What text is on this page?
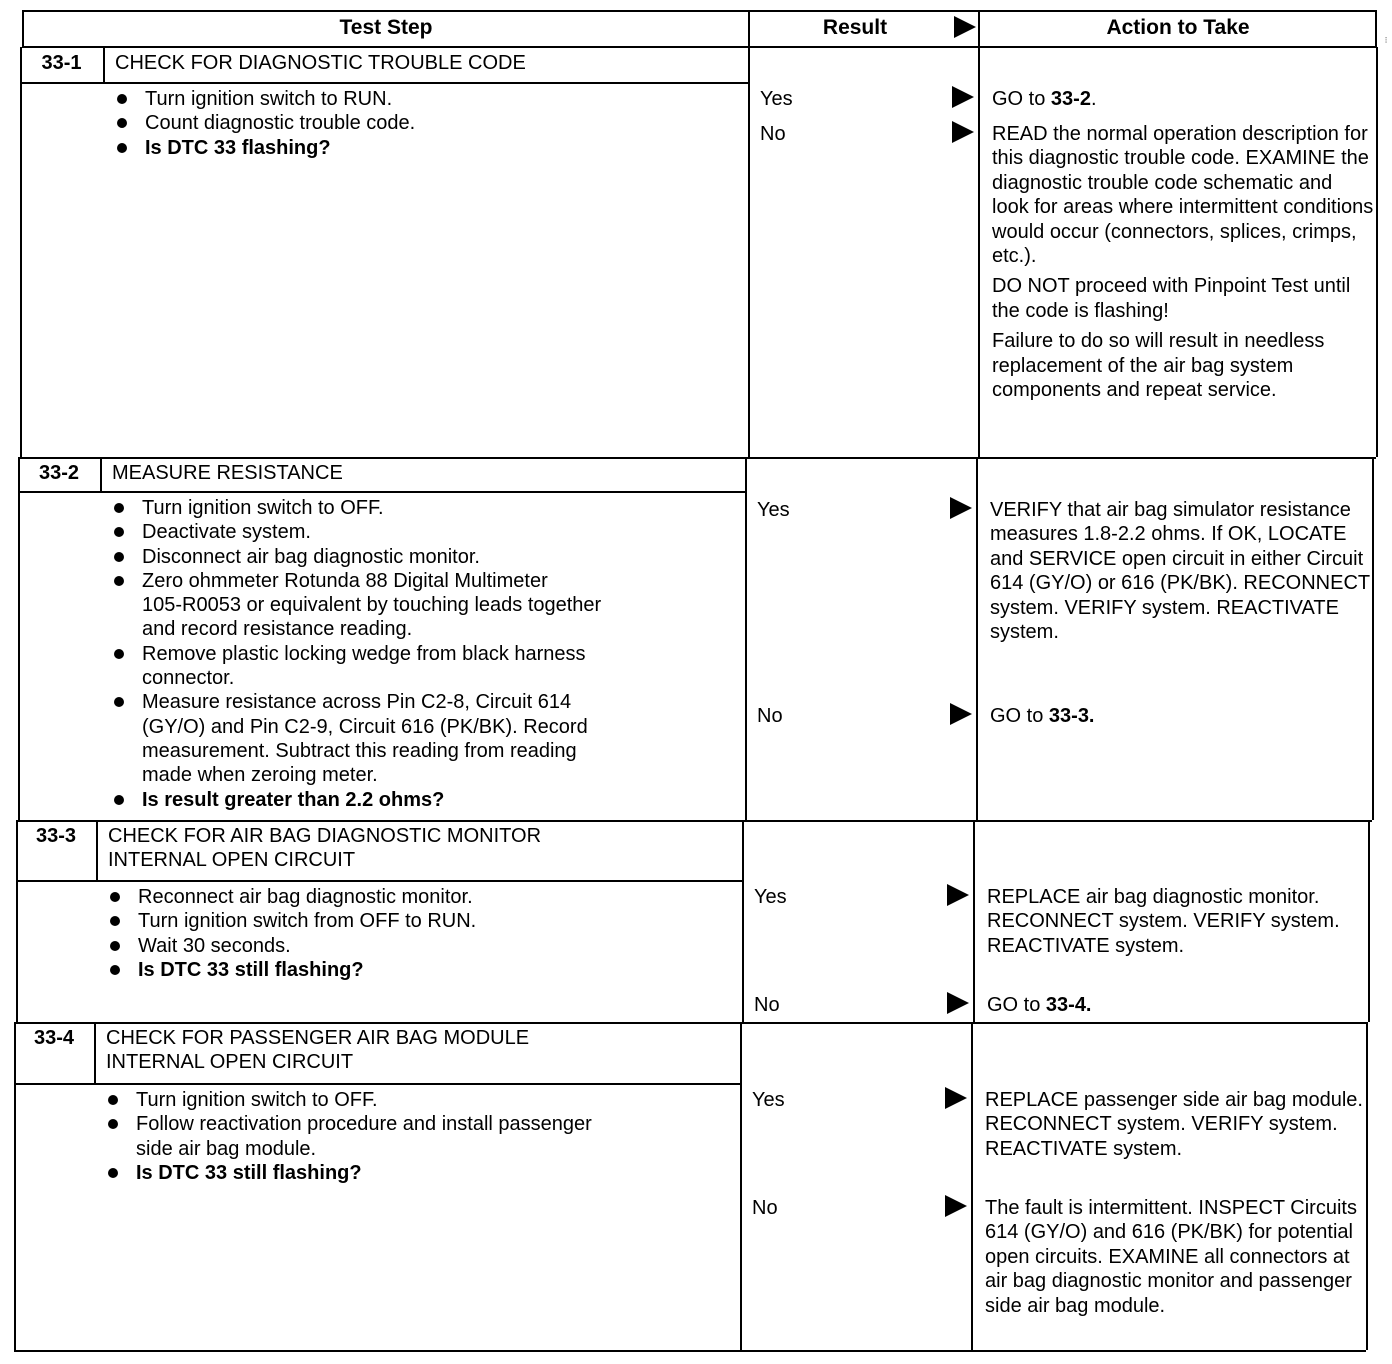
Test Step	Result	Action to Take
⁝
33-1	CHECK FOR DIAGNOSTIC TROUBLE CODE
Turn ignition switch to RUN.
Count diagnostic trouble code.
Is DTC 33 flashing?
Yes	GO to 33-2.

No	READ the normal operation description for this diagnostic trouble code. EXAMINE the diagnostic trouble code schematic and look for areas where intermittent conditions would occur (connectors, splices, crimps, etc.).

DO NOT proceed with Pinpoint Test until the code is flashing!

Failure to do so will result in needless replacement of the air bag system components and repeat service.

33-2	MEASURE RESISTANCE
Turn ignition switch to OFF.
Deactivate system.
Disconnect air bag diagnostic monitor.
Zero ohmmeter Rotunda 88 Digital Multimeter
105-R0053 or equivalent by touching leads together
and record resistance reading.
Remove plastic locking wedge from black harness
connector.
Measure resistance across Pin C2-8, Circuit 614
(GY/O) and Pin C2-9, Circuit 616 (PK/BK). Record
measurement. Subtract this reading from reading
made when zeroing meter.
Is result greater than 2.2 ohms?
Yes	VERIFY that air bag simulator resistance measures 1.8-2.2 ohms. If OK, LOCATE and SERVICE open circuit in either Circuit 614 (GY/O) or 616 (PK/BK). RECONNECT system. VERIFY system. REACTIVATE system.

No	GO to 33-3.

33-3	CHECK FOR AIR BAG DIAGNOSTIC MONITOR
INTERNAL OPEN CIRCUIT
Reconnect air bag diagnostic monitor.
Turn ignition switch from OFF to RUN.
Wait 30 seconds.
Is DTC 33 still flashing?
Yes	REPLACE air bag diagnostic monitor. RECONNECT system. VERIFY system. REACTIVATE system.

No	GO to 33-4.

33-4	CHECK FOR PASSENGER AIR BAG MODULE
INTERNAL OPEN CIRCUIT
Turn ignition switch to OFF.
Follow reactivation procedure and install passenger
side air bag module.
Is DTC 33 still flashing?
Yes	REPLACE passenger side air bag module. RECONNECT system. VERIFY system. REACTIVATE system.

No	The fault is intermittent. INSPECT Circuits 614 (GY/O) and 616 (PK/BK) for potential open circuits. EXAMINE all connectors at air bag diagnostic monitor and passenger side air bag module.
